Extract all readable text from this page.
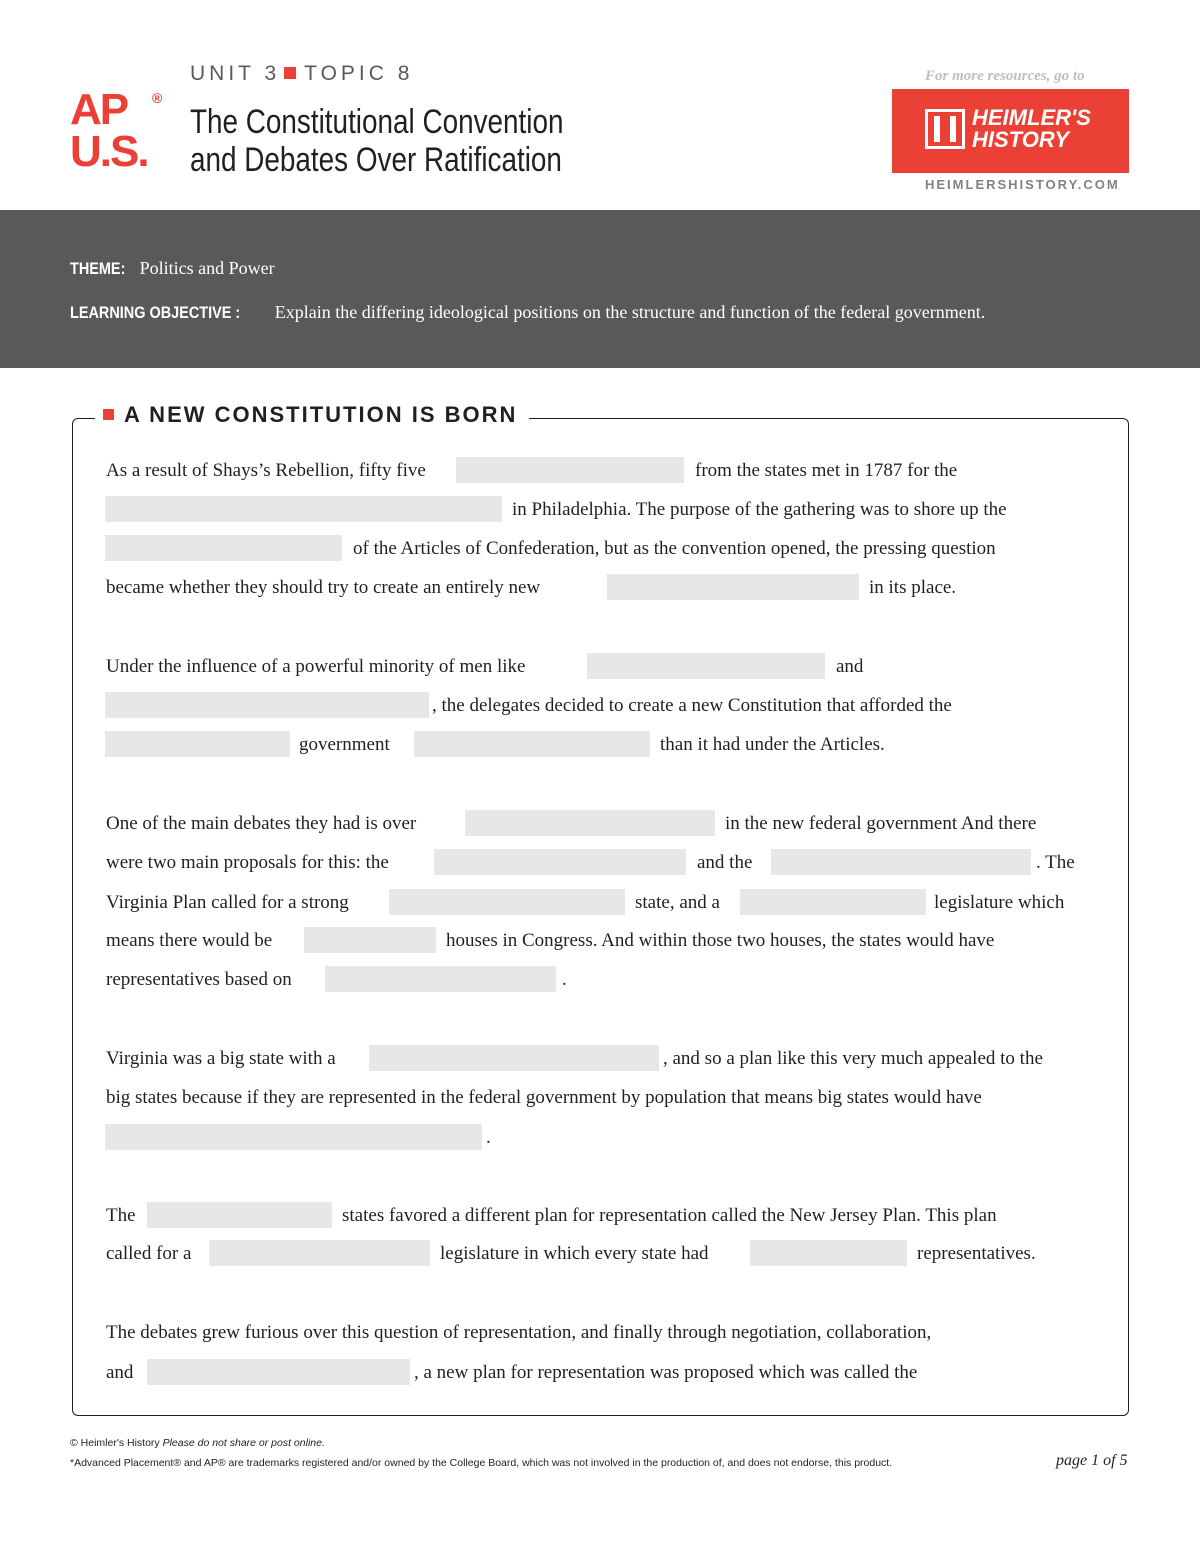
AP ®
U.S.
UNIT 3 TOPIC 8
The Constitutional Convention
and Debates Over Ratification
For more resources, go to
HEIMLER'S
HISTORY
HEIMLERSHISTORY.COM
THEME: Politics and Power
LEARNING OBJECTIVE : Explain the differing ideological positions on the structure and function of the federal government.
A NEW CONSTITUTION IS BORN
As a result of Shays’s Rebellion, fifty five	from the states met in 1787 for the
in Philadelphia. The purpose of the gathering was to shore up the
of the Articles of Confederation, but as the convention opened, the pressing question
became whether they should try to create an entirely new	in its place.
Under the influence of a powerful minority of men like	and
, the delegates decided to create a new Constitution that afforded the
government	than it had under the Articles.
One of the main debates they had is over	in the new federal government And there
were two main proposals for this: the	and the	. The
Virginia Plan called for a strong	state, and a	legislature which
means there would be	houses in Congress. And within those two houses, the states would have
representatives based on	.
Virginia was a big state with a	, and so a plan like this very much appealed to the
big states because if they are represented in the federal government by population that means big states would have
.
The	states favored a different plan for representation called the New Jersey Plan. This plan
called for a	legislature in which every state had	representatives.
The debates grew furious over this question of representation, and finally through negotiation, collaboration,
and	, a new plan for representation was proposed which was called the
© Heimler's History Please do not share or post online.
*Advanced Placement® and AP® are trademarks registered and/or owned by the College Board, which was not involved in the production of, and does not endorse, this product.	page 1 of 5
